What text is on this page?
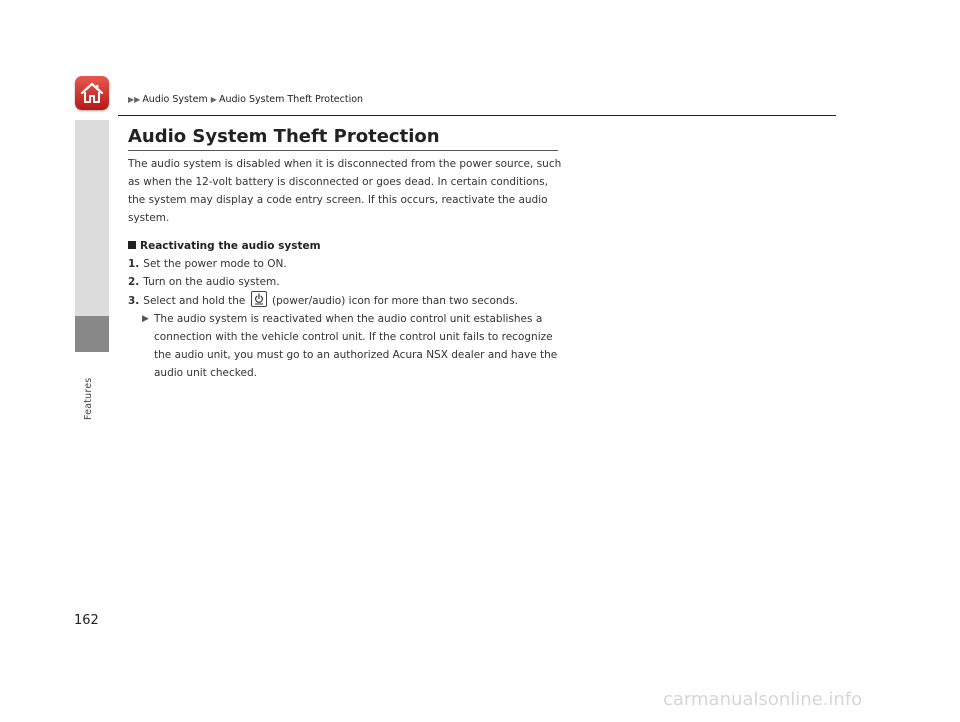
▶▶ Audio System ▶ Audio System Theft Protection
Features
Audio System Theft Protection

The audio system is disabled when it is disconnected from the power source, such as when the 12-volt battery is disconnected or goes dead. In certain conditions, the system may display a code entry screen. If this occurs, reactivate the audio system.

Reactivating the audio system

1. Set the power mode to ON.

2. Turn on the audio system.

3. Select and hold the	(power/audio) icon for more than two seconds.

▶ The audio system is reactivated when the audio control unit establishes a connection with the vehicle control unit. If the control unit fails to recognize the audio unit, you must go to an authorized Acura NSX dealer and have the audio unit checked.

162
carmanualsonline.info
